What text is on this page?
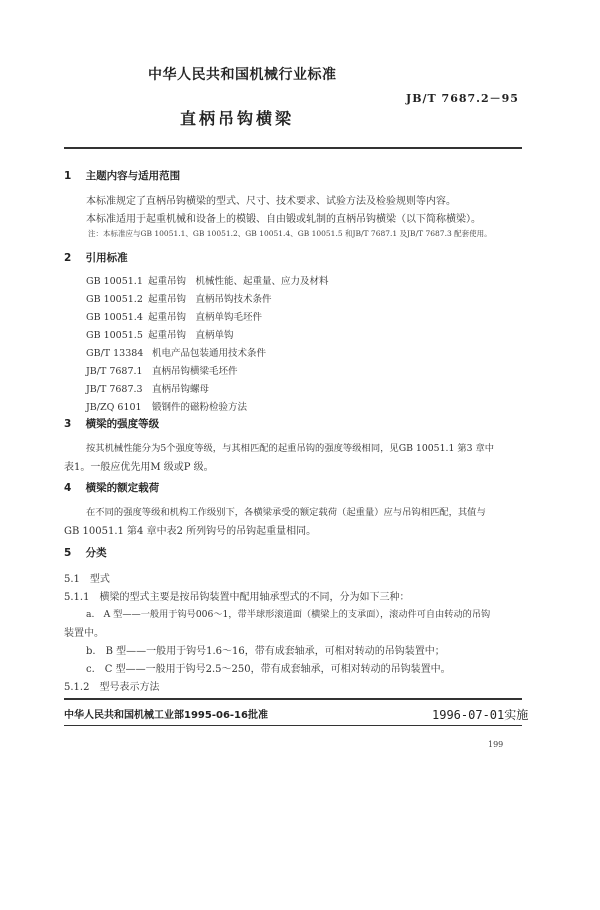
中华人民共和国机械行业标准
JB/T 7687.2－95
直柄吊钩横梁
1 主题内容与适用范围
本标准规定了直柄吊钩横梁的型式、尺寸、技术要求、试验方法及检验规则等内容。
本标准适用于起重机械和设备上的模锻、自由锻或轧制的直柄吊钩横梁（以下简称横梁）。
注：本标准应与GB 10051.1、GB 10051.2、GB 10051.4、GB 10051.5 和JB/T 7687.1 及JB/T 7687.3 配套使用。
2 引用标准
GB 10051.1 起重吊钩　机械性能、起重量、应力及材料
GB 10051.2 起重吊钩　直柄吊钩技术条件
GB 10051.4 起重吊钩　直柄单钩毛坯件
GB 10051.5 起重吊钩　直柄单钩
GB/T 13384 机电产品包装通用技术条件
JB/T 7687.1 直柄吊钩横梁毛坯件
JB/T 7687.3 直柄吊钩螺母
JB/ZQ 6101 锻钢件的磁粉检验方法
3 横梁的强度等级
按其机械性能分为5个强度等级，与其相匹配的起重吊钩的强度等级相同，见GB 10051.1 第3 章中
表1。一般应优先用M 级或P 级。
4 横梁的额定载荷
在不同的强度等级和机构工作级别下，各横梁承受的额定载荷（起重量）应与吊钩相匹配，其值与
GB 10051.1 第4 章中表2 所列钩号的吊钩起重量相同。
5 分类
5.1　型式
5.1.1　横梁的型式主要是按吊钩装置中配用轴承型式的不同，分为如下三种：
a.　A 型——一般用于钩号006～1，带半球形滚道面（横梁上的支承面），滚动件可自由转动的吊钩
装置中。
b.　B 型——一般用于钩号1.6～16，带有成套轴承，可相对转动的吊钩装置中；
c.　C 型——一般用于钩号2.5～250，带有成套轴承，可相对转动的吊钩装置中。
5.1.2　型号表示方法
中华人民共和国机械工业部1995-06-16批准	1996-07-01实施
199
